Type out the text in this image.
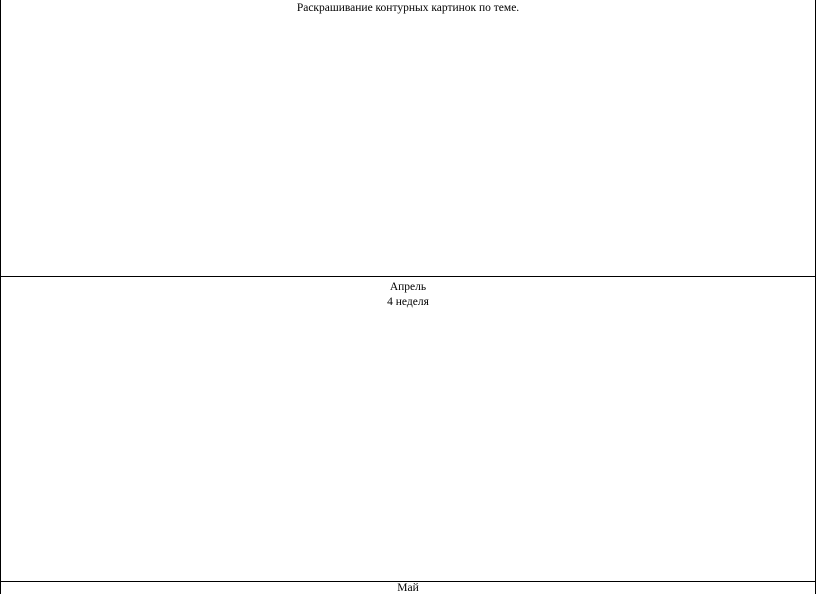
Раскрашивание контурных картинок по теме.
Апрель
4 неделя
Май
